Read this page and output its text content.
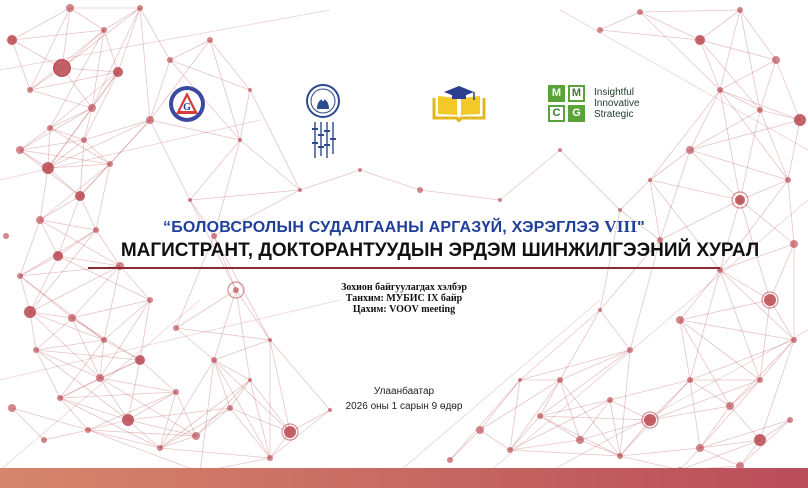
G
M M
C	G
Insightful
Innovative
Strategic
“БОЛОВСРОЛЫН СУДАЛГААНЫ АРГАЗҮЙ, ХЭРЭГЛЭЭ VIII"
МАГИСТРАНТ, ДОКТОРАНТУУДЫН ЭРДЭМ ШИНЖИЛГЭЭНИЙ ХУРАЛ
Зохион байгуулагдах хэлбэр
Танхим: МУБИС IX байр
Цахим: VOOV meeting
Улаанбаатар
2026 оны 1 сарын 9 өдөр
